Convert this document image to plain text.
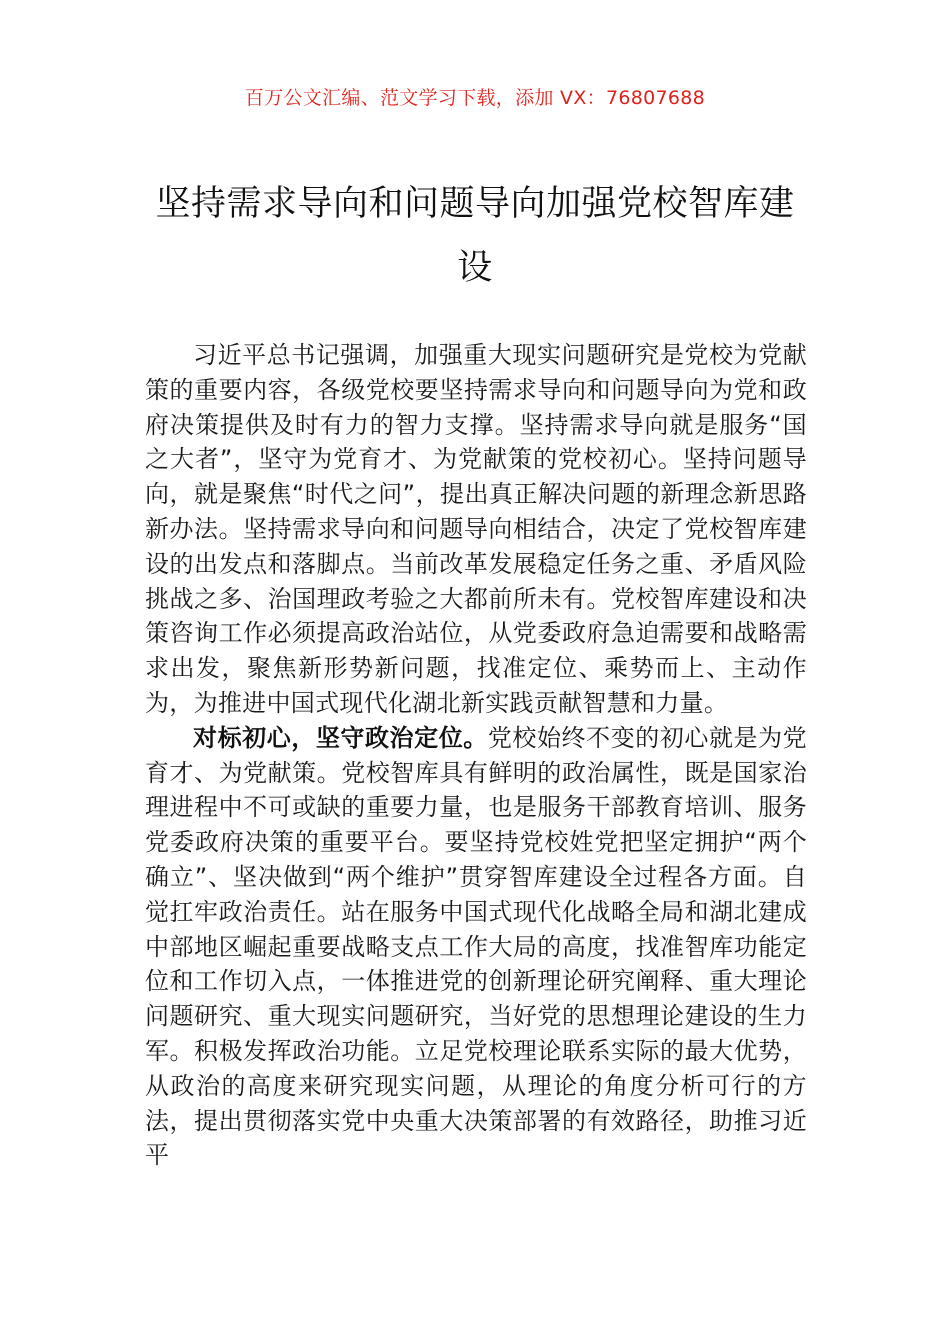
百万公文汇编、范文学习下载，添加 VX：76807688
坚持需求导向和问题导向加强党校智库建设

习近平总书记强调，加强重大现实问题研究是党校为党献策的重要内容，各级党校要坚持需求导向和问题导向为党和政府决策提供及时有力的智力支撑。坚持需求导向就是服务“国之大者”，坚守为党育才、为党献策的党校初心。坚持问题导向，就是聚焦“时代之问”，提出真正解决问题的新理念新思路新办法。坚持需求导向和问题导向相结合，决定了党校智库建设的出发点和落脚点。当前改革发展稳定任务之重、矛盾风险挑战之多、治国理政考验之大都前所未有。党校智库建设和决策咨询工作必须提高政治站位，从党委政府急迫需要和战略需求出发，聚焦新形势新问题，找准定位、乘势而上、主动作为，为推进中国式现代化湖北新实践贡献智慧和力量。

对标初心，坚守政治定位。党校始终不变的初心就是为党育才、为党献策。党校智库具有鲜明的政治属性，既是国家治理进程中不可或缺的重要力量，也是服务干部教育培训、服务党委政府决策的重要平台。要坚持党校姓党把坚定拥护“两个确立”、坚决做到“两个维护”贯穿智库建设全过程各方面。自觉扛牢政治责任。站在服务中国式现代化战略全局和湖北建成中部地区崛起重要战略支点工作大局的高度，找准智库功能定位和工作切入点，一体推进党的创新理论研究阐释、重大理论问题研究、重大现实问题研究，当好党的思想理论建设的生力军。积极发挥政治功能。立足党校理论联系实际的最大优势，从政治的高度来研究现实问题，从理论的角度分析可行的方法，提出贯彻落实党中央重大决策部署的有效路径，助推习近平
